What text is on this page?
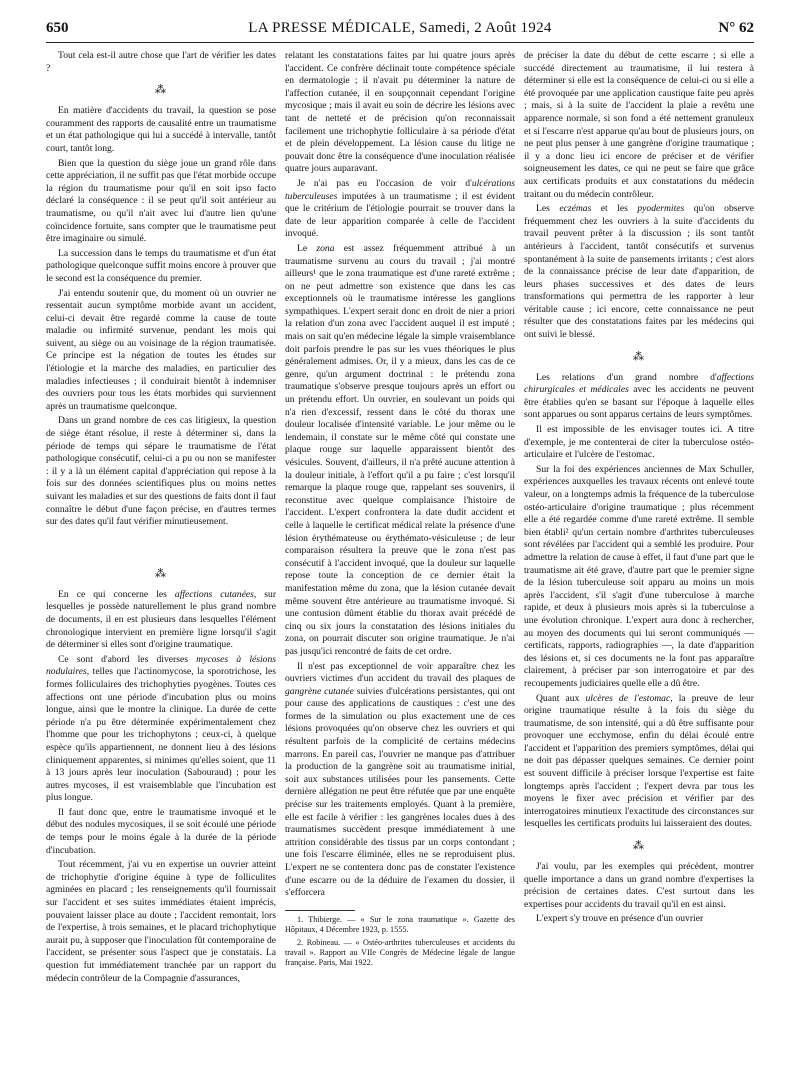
650	LA PRESSE MÉDICALE, Samedi, 2 Août 1924	N° 62

Tout cela est-il autre chose que l'art de vérifier les dates ?

⁂

En matière d'accidents du travail, la question se pose couramment des rapports de causalité entre un traumatisme et un état pathologique qui lui a succédé à intervalle, tantôt court, tantôt long.

Bien que la question du siège joue un grand rôle dans cette appréciation, il ne suffit pas que l'état morbide occupe la région du traumatisme pour qu'il en soit ipso facto déclaré la conséquence : il se peut qu'il soit antérieur au traumatisme, ou qu'il n'ait avec lui d'autre lien qu'une coïncidence fortuite, sans compter que le traumatisme peut être imaginaire ou simulé.

La succession dans le temps du traumatisme et d'un état pathologique quelconque suffit moins encore à prouver que le second est la conséquence du premier.

J'ai entendu soutenir que, du moment où un ouvrier ne ressentait aucun symptôme morbide avant un accident, celui-ci devait être regardé comme la cause de toute maladie ou infirmité survenue, pendant les mois qui suivent, au siège ou au voisinage de la région traumatisée. Ce principe est la négation de toutes les études sur l'étiologie et la marche des maladies, en particulier des maladies infectieuses ; il conduirait bientôt à indemniser des ouvriers pour tous les états morbides qui surviennent après un traumatisme quelconque.

Dans un grand nombre de ces cas litigieux, la question de siège étant résolue, il reste à déterminer si, dans la période de temps qui sépare le traumatisme de l'état pathologique consécutif, celui-ci a pu ou non se manifester : il y a là un élément capital d'appréciation qui repose à la fois sur des données scientifiques plus ou moins nettes suivant les maladies et sur des questions de faits dont il faut connaître le début d'une façon précise, en d'autres termes sur des dates qu'il faut vérifier minutieusement.

⁂

En ce qui concerne les affections cutanées, sur lesquelles je possède naturellement le plus grand nombre de documents, il en est plusieurs dans lesquelles l'élément chronologique intervient en première ligne lorsqu'il s'agit de déterminer si elles sont d'origine traumatique.

Ce sont d'abord les diverses mycoses à lésions nodulaires, telles que l'actinomycose, la sporotrichose, les formes folliculaires des trichophyties pyogènes. Toutes ces affections ont une période d'incubation plus ou moins longue, ainsi que le montre la clinique. La durée de cette période n'a pu être déterminée expérimentalement chez l'homme que pour les trichophytons ; ceux-ci, à quelque espèce qu'ils appartiennent, ne donnent lieu à des lésions cliniquement apparentes, si minimes qu'elles soient, que 11 à 13 jours après leur inoculation (Sabouraud) ; pour les autres mycoses, il est vraisemblable que l'incubation est plus longue.

Il faut donc que, entre le traumatisme invoqué et le début des nodules mycosiques, il se soit écoulé une période de temps pour le moins égale à la durée de la période d'incubation.

Tout récemment, j'ai vu en expertise un ouvrier atteint de trichophytie d'origine équine à type de folliculites agminées en placard ; les renseignements qu'il fournissait sur l'accident et ses suites immédiates étaient imprécis, pouvaient laisser place au doute ; l'accident remontait, lors de l'expertise, à trois semaines, et le placard trichophytique aurait pu, à supposer que l'inoculation fût contemporaine de l'accident, se présenter sous l'aspect que je constatais. La question fut immédiatement tranchée par un rapport du médecin contrôleur de la Compagnie d'assurances,

relatant les constatations faites par lui quatre jours après l'accident. Ce confrère déclinait toute compétence spéciale en dermatologie ; il n'avait pu déterminer la nature de l'affection cutanée, il en soupçonnait cependant l'origine mycosique ; mais il avait eu soin de décrire les lésions avec tant de netteté et de précision qu'on reconnaissait facilement une trichophytie folliculaire à sa période d'état et de plein développement. La lésion cause du litige ne pouvait donc être la conséquence d'une inoculation réalisée quatre jours auparavant.

Je n'ai pas eu l'occasion de voir d'ulcérations tuberculeuses imputées à un traumatisme ; il est évident que le critérium de l'étiologie pourrait se trouver dans la date de leur apparition comparée à celle de l'accident invoqué.

Le zona est assez fréquemment attribué à un traumatisme survenu au cours du travail ; j'ai montré ailleurs¹ que le zona traumatique est d'une rareté extrême ; on ne peut admettre son existence que dans les cas exceptionnels où le traumatisme intéresse les ganglions sympathiques. L'expert serait donc en droit de nier a priori la relation d'un zona avec l'accident auquel il est imputé ; mais on sait qu'en médecine légale la simple vraisemblance doit parfois prendre le pas sur les vues théoriques le plus généralement admises. Or, il y a mieux, dans les cas de ce genre, qu'un argument doctrinal : le prétendu zona traumatique s'observe presque toujours après un effort ou un prétendu effort. Un ouvrier, en soulevant un poids qui n'a rien d'excessif, ressent dans le côté du thorax une douleur localisée d'intensité variable. Le jour même ou le lendemain, il constate sur le même côté qui constate une plaque rouge sur laquelle apparaissent bientôt des vésicules. Souvent, d'ailleurs, il n'a prêté aucune attention à la douleur initiale, à l'effort qu'il a pu faire ; c'est lorsqu'il remarque la plaque rouge que, rappelant ses souvenirs, il reconstitue avec quelque complaisance l'histoire de l'accident. L'expert confrontera la date dudit accident et celle à laquelle le certificat médical relate la présence d'une lésion érythémateuse ou érythémato-vésiculeuse ; de leur comparaison résultera la preuve que le zona n'est pas consécutif à l'accident invoqué, que la douleur sur laquelle repose toute la conception de ce dernier était la manifestation même du zona, que la lésion cutanée devait même souvent être antérieure au traumatisme invoqué. Si une contusion dûment établie du thorax avait précédé de cinq ou six jours la constatation des lésions initiales du zona, on pourrait discuter son origine traumatique. Je n'ai pas jusqu'ici rencontré de faits de cet ordre.

Il n'est pas exceptionnel de voir apparaître chez les ouvriers victimes d'un accident du travail des plaques de gangrène cutanée suivies d'ulcérations persistantes, qui ont pour cause des applications de caustiques : c'est une des formes de la simulation ou plus exactement une de ces lésions provoquées qu'on observe chez les ouvriers et qui résultent parfois de la complicité de certains médecins marrons. En pareil cas, l'ouvrier ne manque pas d'attribuer la production de la gangrène soit au traumatisme initial, soit aux substances utilisées pour les pansements. Cette dernière allégation ne peut être réfutée que par une enquête précise sur les traitements employés. Quant à la première, elle est facile à vérifier : les gangrènes locales dues à des traumatismes succèdent presque immédiatement à une attrition considérable des tissus par un corps contondant ; une fois l'escarre éliminée, elles ne se reproduisent plus. L'expert ne se contentera donc pas de constater l'existence d'une escarre ou de la déduire de l'examen du dossier, il s'efforcera

1. Thibierge. — « Sur le zona traumatique ». Gazette des Hôpitaux, 4 Décembre 1923, p. 1555.

2. Robineau. — « Ostéo-arthrites tuberculeuses et accidents du travail ». Rapport au VIIe Congrès de Médecine légale de langue française. Paris, Mai 1922.

de préciser la date du début de cette escarre ; si elle a succédé directement au traumatisme, il lui restera à déterminer si elle est la conséquence de celui-ci ou si elle a été provoquée par une application caustique faite peu après ; mais, si à la suite de l'accident la plaie a revêtu une apparence normale, si son fond a été nettement granuleux et si l'escarre n'est apparue qu'au bout de plusieurs jours, on ne peut plus penser à une gangrène d'origine traumatique ; il y a donc lieu ici encore de préciser et de vérifier soigneusement les dates, ce qui ne peut se faire que grâce aux certificats produits et aux constatations du médecin traitant ou du médecin contrôleur.

Les eczémas et les pyodermites qu'on observe fréquemment chez les ouvriers à la suite d'accidents du travail peuvent prêter à la discussion ; ils sont tantôt antérieurs à l'accident, tantôt consécutifs et survenus spontanément à la suite de pansements irritants ; c'est alors de la connaissance précise de leur date d'apparition, de leurs phases successives et des dates de leurs transformations qui permettra de les rapporter à leur véritable cause ; ici encore, cette connaissance ne peut résulter que des constatations faites par les médecins qui ont suivi le blessé.

⁂

Les relations d'un grand nombre d'affections chirurgicales et médicales avec les accidents ne peuvent être établies qu'en se basant sur l'époque à laquelle elles sont apparues ou sont apparus certains de leurs symptômes.

Il est impossible de les envisager toutes ici. A titre d'exemple, je me contenterai de citer la tuberculose ostéo-articulaire et l'ulcère de l'estomac.

Sur la foi des expériences anciennes de Max Schuller, expériences auxquelles les travaux récents ont enlevé toute valeur, on a longtemps admis la fréquence de la tuberculose ostéo-articulaire d'origine traumatique ; plus récemment elle a été regardée comme d'une rareté extrême. Il semble bien établi² qu'un certain nombre d'arthrites tuberculeuses sont révélées par l'accident qui a semblé les produire. Pour admettre la relation de cause à effet, il faut d'une part que le traumatisme ait été grave, d'autre part que le premier signe de la lésion tuberculeuse soit apparu au moins un mois après l'accident, s'il s'agit d'une tuberculose à marche rapide, et deux à plusieurs mois après si la tuberculose a une évolution chronique. L'expert aura donc à rechercher, au moyen des documents qui lui seront communiqués — certificats, rapports, radiographies —, la date d'apparition des lésions et, si ces documents ne la font pas apparaître clairement, à préciser par son interrogatoire et par des recoupements judiciaires quelle elle a dû être.

Quant aux ulcères de l'estomac, la preuve de leur origine traumatique résulte à la fois du siège du traumatisme, de son intensité, qui a dû être suffisante pour provoquer une ecchymose, enfin du délai écoulé entre l'accident et l'apparition des premiers symptômes, délai qui ne doit pas dépasser quelques semaines. Ce dernier point est souvent difficile à préciser lorsque l'expertise est faite longtemps après l'accident ; l'expert devra par tous les moyens le fixer avec précision et vérifier par des interrogatoires minutieux l'exactitude des circonstances sur lesquelles les certificats produits lui laisseraient des doutes.

⁂

J'ai voulu, par les exemples qui précèdent, montrer quelle importance a dans un grand nombre d'expertises la précision de certaines dates. C'est surtout dans les expertises pour accidents du travail qu'il en est ainsi.

L'expert s'y trouve en présence d'un ouvrier
